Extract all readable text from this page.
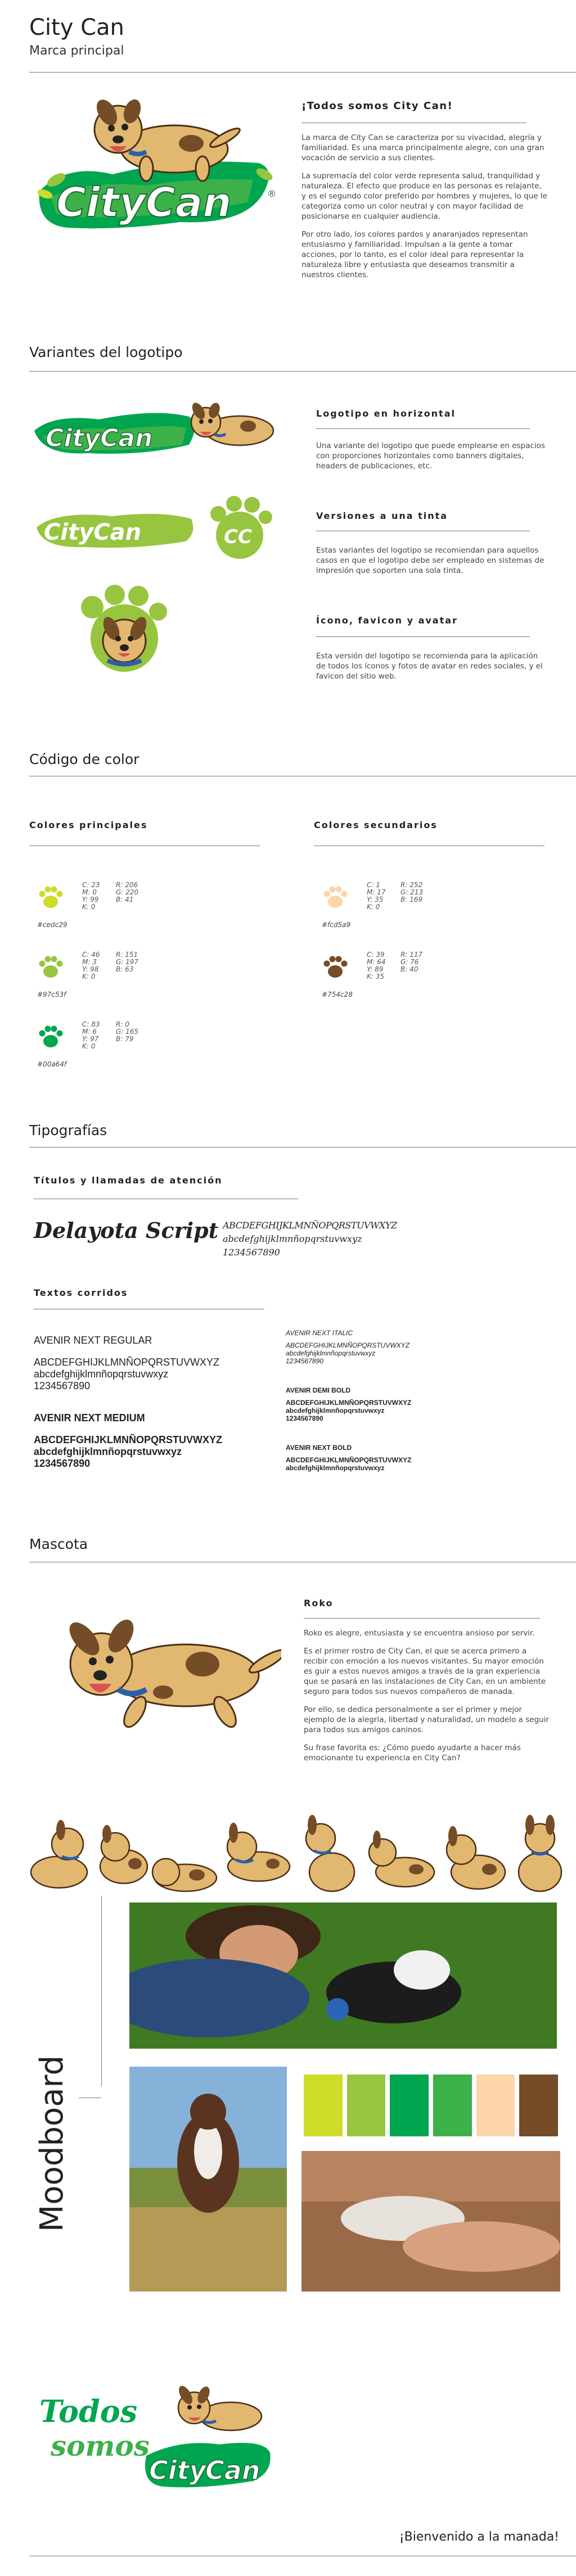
City Can
Marca principal
CityCan	®
¡Todos somos City Can!

La marca de City Can se caracteriza por su vivacidad, alegría y familiaridad. Es una marca principalmente alegre, con una gran vocación de servicio a sus clientes.

La supremacía del color verde representa salud, tranquilidad y naturaleza. El efecto que produce en las personas es relajante, y es el segundo color preferido por hombres y mujeres, lo que le categoriza como un color neutral y con mayor facilidad de posicionarse en cualquier audiencia.

Por otro lado, los colores pardos y anaranjados representan entusiasmo y familiaridad. Impulsan a la gente a tomar acciones, por lo tanto, es el color ideal para representar la naturaleza libre y entusiasta que deseamos transmitir a nuestros clientes.

Variantes del logotipo
CityCan
CityCan	CC
Logotipo en horizontal
Una variante del logotipo que puede emplearse en espacios con proporciones horizontales como banners digitales, headers de publicaciones, etc.
Versiones a una tinta
Estas variantes del logotipo se recomiendan para aquellos casos en que el logotipo debe ser empleado en sistemas de impresión que soporten una sola tinta.
Ícono, favicon y avatar
Esta versión del logotipo se recomienda para la aplicación de todos los íconos y fotos de avatar en redes sociales, y el favicon del sitio web.
Código de color
Colores principales	Colores secundarios
C: 23
M: 0
Y: 99
K: 0
R: 206
G: 220
B: 41
#cedc29
C: 46
M: 3
Y: 98
K: 0
R: 151
G: 197
B: 63
#97c53f
C: 83
M: 6
Y: 97
K: 0
R: 0
G: 165
B: 79
#00a64f
C: 1
M: 17
Y: 35
K: 0
R: 252
G: 213
B: 169
#fcd5a9
C: 39
M: 64
Y: 89
K: 35
R: 117
G: 76
B: 40
#754c28
Tipografías
Títulos y llamadas de atención
Delayota Script ABCDEFGHIJKLMNÑOPQRSTUVWXYZ
abcdefghijklmnñopqrstuvwxyz
1234567890
Textos corridos
AVENIR NEXT REGULAR
ABCDEFGHIJKLMNÑOPQRSTUVWXYZ
abcdefghijklmnñopqrstuvwxyz
1234567890
AVENIR NEXT MEDIUM
ABCDEFGHIJKLMNÑOPQRSTUVWXYZ
abcdefghijklmnñopqrstuvwxyz
1234567890
AVENIR NEXT ITALIC
ABCDEFGHIJKLMNÑOPQRSTUVWXYZ
abcdefghijklmnñopqrstuvwxyz
1234567890
AVENIR DEMI BOLD
ABCDEFGHIJKLMNÑOPQRSTUVWXYZ
abcdefghijklmnñopqrstuvwxyz
1234567890
AVENIR NEXT BOLD
ABCDEFGHIJKLMNÑOPQRSTUVWXYZ
abcdefghijklmnñopqrstuvwxyz
Mascota
Roko

Roko es alegre, entusiasta y se encuentra ansioso por servir.

Es el primer rostro de City Can, el que se acerca primero a recibir con emoción a los nuevos visitantes. Su mayor emoción es guir a estos nuevos amigos a través de la gran experiencia que se pasará en las instalaciones de City Can, en un ambiente seguro para todos sus nuevos compañeros de manada.

Por ello, se dedica personalmente a ser el primer y mejor ejemplo de la alegría, libertad y naturalidad, un modelo a seguir para todos sus amigos caninos.

Su frase favorita es: ¿Cómo puedo ayudarte a hacer más emocionante tu experiencia en City Can?

Moodboard
Todos
somos
City
Can
¡Bienvenido a la manada!
